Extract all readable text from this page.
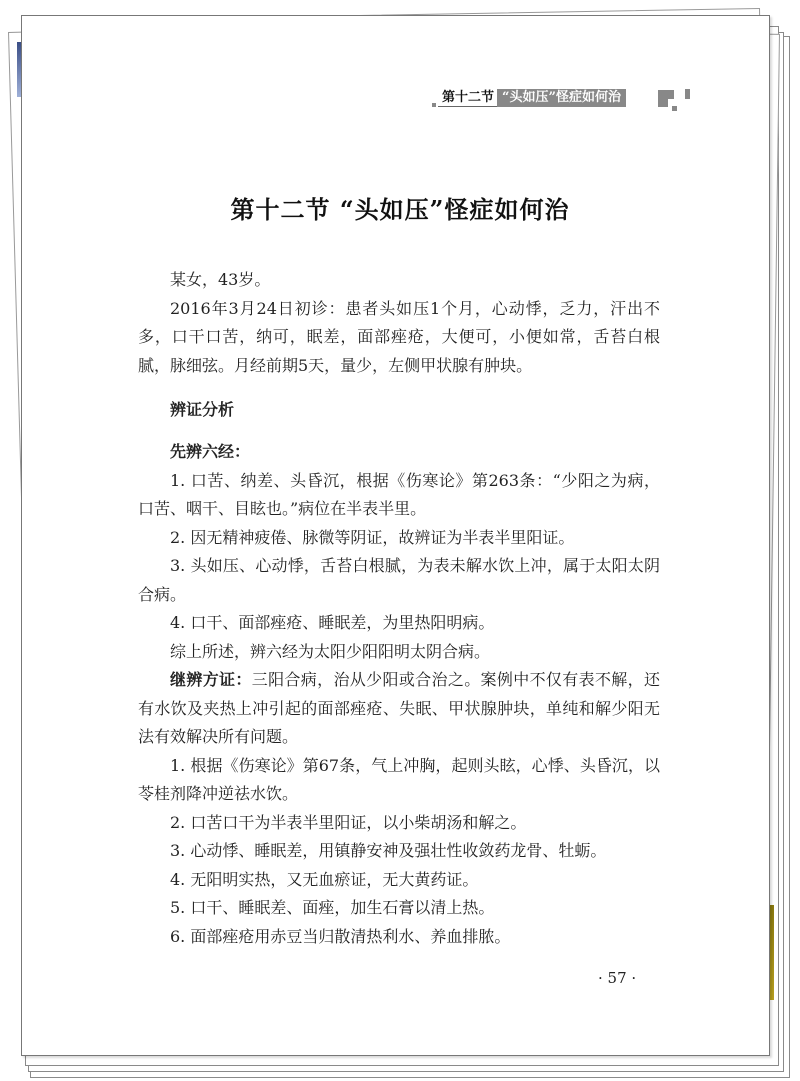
第十二节 “头如压”怪症如何治
第十二节 “头如压”怪症如何治

某女，43岁。

2016年3月24日初诊：患者头如压1个月，心动悸，乏力，汗出不多，口干口苦，纳可，眠差，面部痤疮，大便可，小便如常，舌苔白根腻，脉细弦。月经前期5天，量少，左侧甲状腺有肿块。

辨证分析

先辨六经：

1. 口苦、纳差、头昏沉，根据《伤寒论》第263条：“少阳之为病，口苦、咽干、目眩也。”病位在半表半里。

2. 因无精神疲倦、脉微等阴证，故辨证为半表半里阳证。

3. 头如压、心动悸，舌苔白根腻，为表未解水饮上冲，属于太阳太阴合病。

4. 口干、面部痤疮、睡眠差，为里热阳明病。

综上所述，辨六经为太阳少阳阳明太阴合病。

继辨方证：三阳合病，治从少阳或合治之。案例中不仅有表不解，还有水饮及夹热上冲引起的面部痤疮、失眠、甲状腺肿块，单纯和解少阳无法有效解决所有问题。

1. 根据《伤寒论》第67条，气上冲胸，起则头眩，心悸、头昏沉，以苓桂剂降冲逆祛水饮。

2. 口苦口干为半表半里阳证，以小柴胡汤和解之。

3. 心动悸、睡眠差，用镇静安神及强壮性收敛药龙骨、牡蛎。

4. 无阳明实热，又无血瘀证，无大黄药证。

5. 口干、睡眠差、面痤，加生石膏以清上热。

6. 面部痤疮用赤豆当归散清热利水、养血排脓。

· 57 ·
